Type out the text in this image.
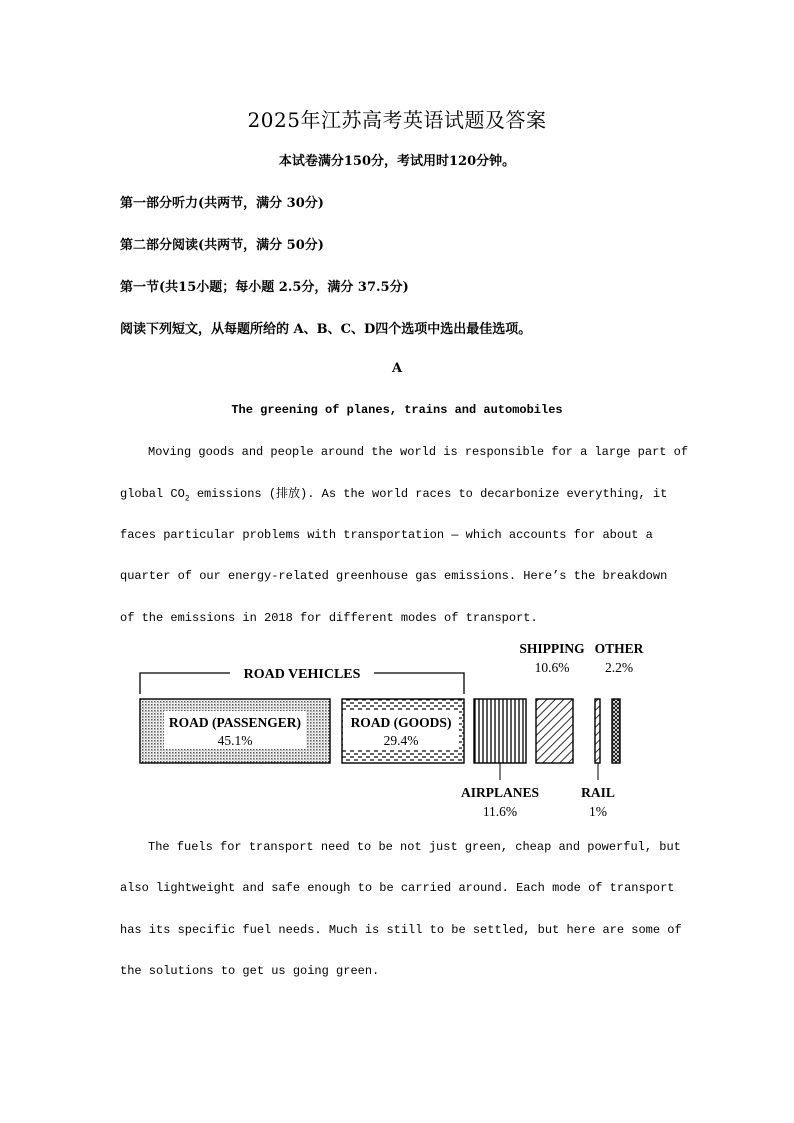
2025年江苏高考英语试题及答案
本试卷满分150分，考试用时120分钟。
第一部分听力(共两节，满分 30分)
第二部分阅读(共两节，满分 50分)
第一节(共15小题；每小题 2.5分，满分 37.5分)
阅读下列短文，从每题所给的 A、B、C、D四个选项中选出最佳选项。
A
The greening of planes, trains and automobiles
Moving goods and people around the world is responsible for a large part of
global $CO_2$ emissions (排放). As the world races to decarbonize everything, it
faces particular problems with transportation — which accounts for about a
quarter of our energy-related greenhouse gas emissions. Here’s the breakdown
of the emissions in 2018 for different modes of transport.
ROAD VEHICLES
ROAD (PASSENGER)
45.1%
ROAD (GOODS)
29.4%
AIRPLANES
11.6%
SHIPPING
10.6%
RAIL
1%
OTHER
2.2%
The fuels for transport need to be not just green, cheap and powerful, but
also lightweight and safe enough to be carried around. Each mode of transport
has its specific fuel needs. Much is still to be settled, but here are some of
the solutions to get us going green.
